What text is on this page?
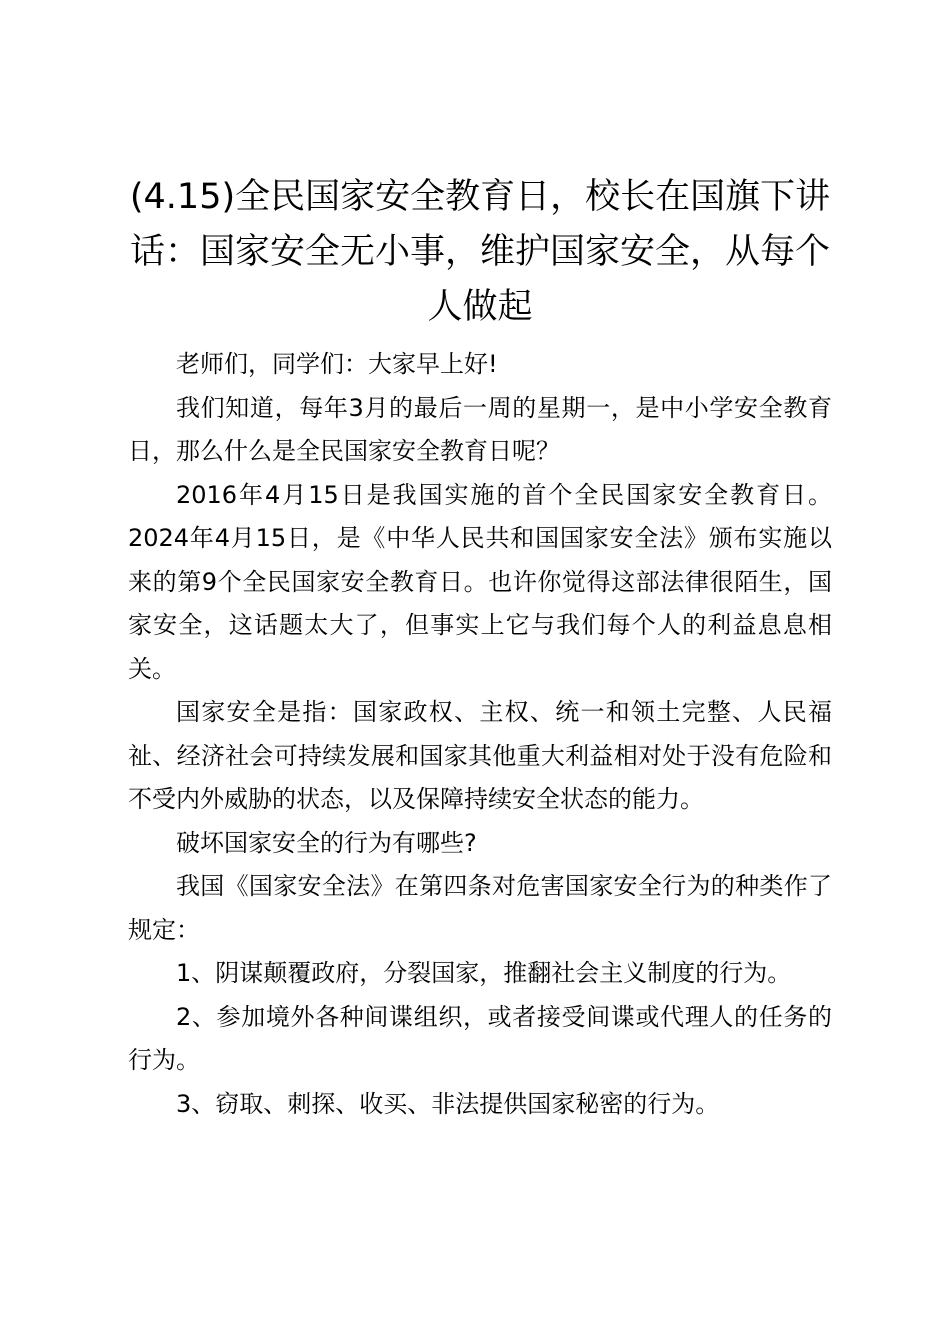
(4.15)全民国家安全教育日，校长在国旗下讲话：国家安全无小事，维护国家安全，从每个人做起

老师们，同学们：大家早上好!

我们知道，每年3月的最后一周的星期一，是中小学安全教育日，那么什么是全民国家安全教育日呢？

2016年4月15日是我国实施的首个全民国家安全教育日。2024年4月15日，是《中华人民共和国国家安全法》颁布实施以来的第9个全民国家安全教育日。也许你觉得这部法律很陌生，国家安全，这话题太大了，但事实上它与我们每个人的利益息息相关。

国家安全是指：国家政权、主权、统一和领土完整、人民福祉、经济社会可持续发展和国家其他重大利益相对处于没有危险和不受内外威胁的状态，以及保障持续安全状态的能力。

破坏国家安全的行为有哪些?

我国《国家安全法》在第四条对危害国家安全行为的种类作了规定：

1、阴谋颠覆政府，分裂国家，推翻社会主义制度的行为。

2、参加境外各种间谍组织，或者接受间谍或代理人的任务的行为。

3、窃取、刺探、收买、非法提供国家秘密的行为。
